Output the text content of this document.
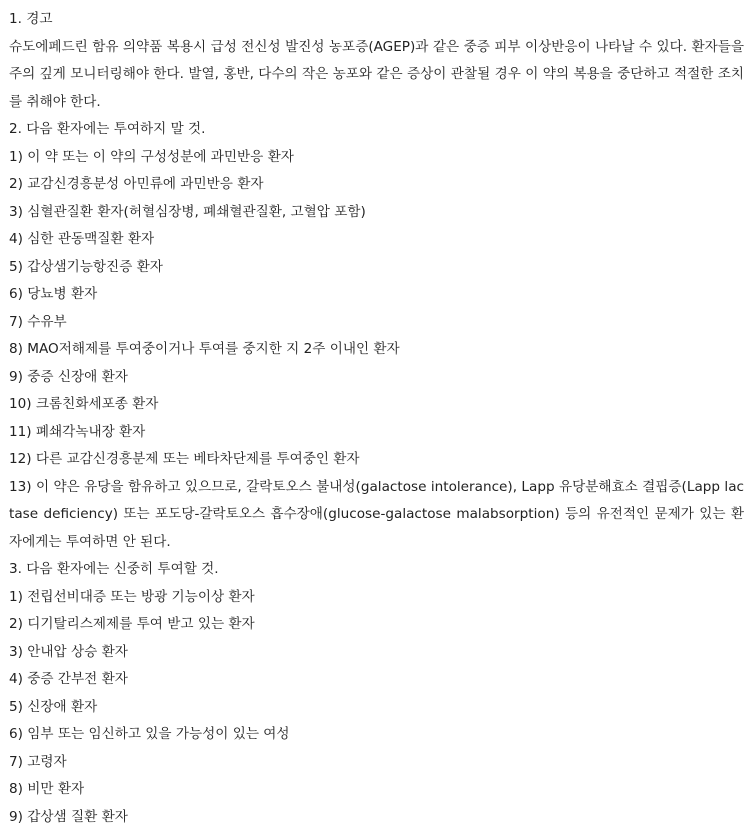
1. 경고
슈도에페드린 함유 의약품 복용시 급성 전신성 발진성 농포증(AGEP)과 같은 중증 피부 이상반응이 나타날 수 있다. 환자들을 주의 깊게 모니터링해야 한다. 발열, 홍반, 다수의 작은 농포와 같은 증상이 관찰될 경우 이 약의 복용을 중단하고 적절한 조치를 취해야 한다.
2. 다음 환자에는 투여하지 말 것.
1) 이 약 또는 이 약의 구성성분에 과민반응 환자
2) 교감신경흥분성 아민류에 과민반응 환자
3) 심혈관질환 환자(허혈심장병, 폐쇄혈관질환, 고혈압 포함)
4) 심한 관동맥질환 환자
5) 갑상샘기능항진증 환자
6) 당뇨병 환자
7) 수유부
8) MAO저해제를 투여중이거나 투여를 중지한 지 2주 이내인 환자
9) 중증 신장애 환자
10) 크롬친화세포종 환자
11) 폐쇄각녹내장 환자
12) 다른 교감신경흥분제 또는 베타차단제를 투여중인 환자
13) 이 약은 유당을 함유하고 있으므로, 갈락토오스 불내성(galactose intolerance), Lapp 유당분해효소 결핍증(Lapp lactase deficiency) 또는 포도당-갈락토오스 흡수장애(glucose-galactose malabsorption) 등의 유전적인 문제가 있는 환자에게는 투여하면 안 된다.
3. 다음 환자에는 신중히 투여할 것.
1) 전립선비대증 또는 방광 기능이상 환자
2) 디기탈리스제제를 투여 받고 있는 환자
3) 안내압 상승 환자
4) 중증 간부전 환자
5) 신장애 환자
6) 임부 또는 임신하고 있을 가능성이 있는 여성
7) 고령자
8) 비만 환자
9) 갑상샘 질환 환자
